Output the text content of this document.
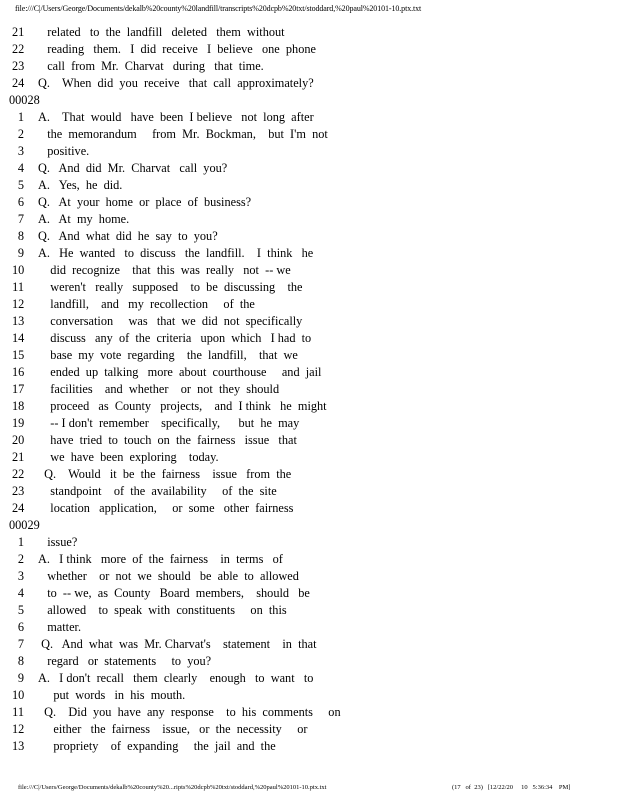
file:///C|/Users/George/Documents/dekalb%20county%20landfill/transcripts%20dcpb%20txt/stoddard,%20paul%20101-10.ptx.txt
21 related   to  the  landfill   deleted   them  without
22 reading   them.   I  did  receive   I  believe   one  phone
23 call  from  Mr.  Charvat   during   that  time.
24 Q.    When  did  you  receive   that  call  approximately?
00028
1 A.    That  would   have  been  I believe   not  long  after
2 the  memorandum     from  Mr.  Bockman,    but  I'm  not
3 positive.
4 Q.   And  did  Mr.  Charvat   call  you?
5 A.   Yes,  he  did.
6 Q.   At  your  home  or  place  of  business?
7 A.   At  my  home.
8 Q.   And  what  did  he  say  to  you?
9 A.   He  wanted   to  discuss   the  landfill.    I  think   he
10 did  recognize    that  this  was  really   not  -- we
11 weren't   really   supposed    to  be  discussing    the
12 landfill,    and   my  recollection     of  the
13 conversation     was   that  we  did  not  specifically
14 discuss   any  of  the  criteria   upon  which   I had  to
15 base  my  vote  regarding    the  landfill,    that  we
16 ended  up  talking   more  about  courthouse     and  jail
17 facilities    and  whether    or  not  they  should
18 proceed   as  County   projects,    and  I think   he  might
19 -- I don't  remember    specifically,      but  he  may
20 have  tried  to  touch  on  the  fairness   issue   that
21 we  have  been  exploring    today.
22 Q.    Would   it  be  the  fairness    issue   from  the
23 standpoint    of  the  availability     of  the  site
24 location   application,     or  some   other  fairness
00029
1 issue?
2 A.   I think   more  of  the  fairness    in  terms   of
3 whether    or  not  we  should   be  able  to  allowed
4 to  -- we,  as  County   Board  members,    should   be
5 allowed    to  speak  with  constituents     on  this
6 matter.
7 Q.   And  what  was  Mr. Charvat's    statement    in  that
8 regard   or  statements     to  you?
9 A.   I don't  recall   them  clearly    enough   to  want   to
10 put  words   in  his  mouth.
11 Q.    Did  you  have  any  response    to  his  comments     on
12 either   the  fairness    issue,   or  the  necessity     or
13 propriety    of  expanding     the  jail  and  the
file:///C|/Users/George/Documents/dekalb%20county%20...ripts%20dcpb%20txt/stoddard,%20paul%20101-10.ptx.txt	(17   of  23)   [12/22/20     10   5:36:34    PM]
